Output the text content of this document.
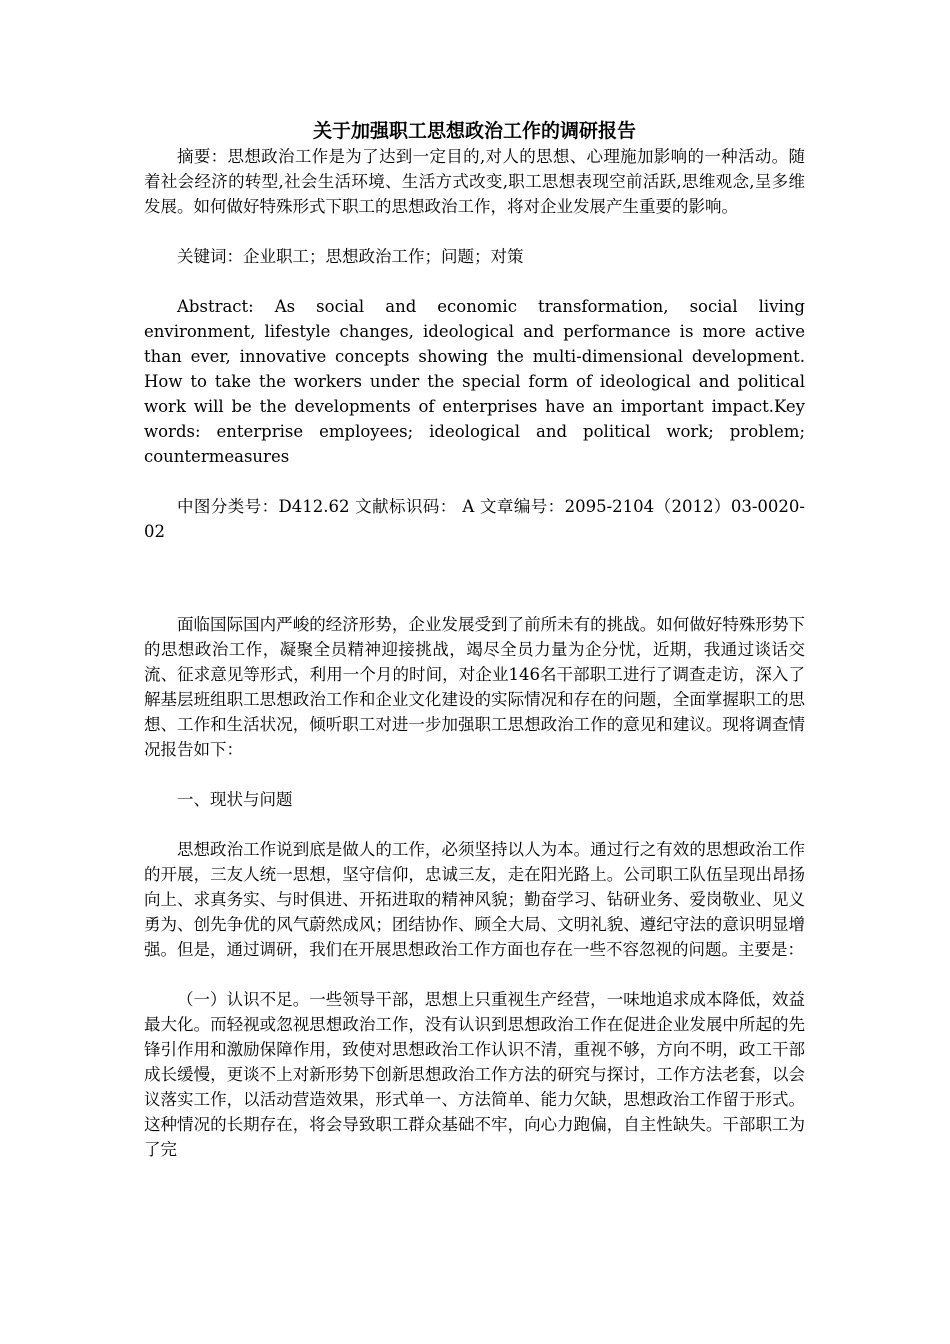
关于加强职工思想政治工作的调研报告

摘要：思想政治工作是为了达到一定目的,对人的思想、心理施加影响的一种活动。随着社会经济的转型,社会生活环境、生活方式改变,职工思想表现空前活跃,思维观念,呈多维发展。如何做好特殊形式下职工的思想政治工作，将对企业发展产生重要的影响。

关键词：企业职工；思想政治工作；问题；对策

Abstract: As social and economic transformation, social living environment, lifestyle changes, ideological and performance is more active than ever, innovative concepts showing the multi-dimensional development. How to take the workers under the special form of ideological and political work will be the developments of enterprises have an important impact.Key words: enterprise employees; ideological and political work; problem; countermeasures

中图分类号：D412.62 文献标识码： A 文章编号：2095-2104（2012）03-0020-02

面临国际国内严峻的经济形势，企业发展受到了前所未有的挑战。如何做好特殊形势下的思想政治工作，凝聚全员精神迎接挑战，竭尽全员力量为企分忧，近期，我通过谈话交流、征求意见等形式，利用一个月的时间，对企业146名干部职工进行了调查走访，深入了解基层班组职工思想政治工作和企业文化建设的实际情况和存在的问题，全面掌握职工的思想、工作和生活状况，倾听职工对进一步加强职工思想政治工作的意见和建议。现将调查情况报告如下：

一、现状与问题

思想政治工作说到底是做人的工作，必须坚持以人为本。通过行之有效的思想政治工作的开展，三友人统一思想，坚守信仰，忠诚三友，走在阳光路上。公司职工队伍呈现出昂扬向上、求真务实、与时俱进、开拓进取的精神风貌；勤奋学习、钻研业务、爱岗敬业、见义勇为、创先争优的风气蔚然成风；团结协作、顾全大局、文明礼貌、遵纪守法的意识明显增强。但是，通过调研，我们在开展思想政治工作方面也存在一些不容忽视的问题。主要是：

（一）认识不足。一些领导干部，思想上只重视生产经营，一味地追求成本降低，效益最大化。而轻视或忽视思想政治工作，没有认识到思想政治工作在促进企业发展中所起的先锋引作用和激励保障作用，致使对思想政治工作认识不清，重视不够，方向不明，政工干部成长缓慢，更谈不上对新形势下创新思想政治工作方法的研究与探讨，工作方法老套，以会议落实工作，以活动营造效果，形式单一、方法简单、能力欠缺，思想政治工作留于形式。这种情况的长期存在，将会导致职工群众基础不牢，向心力跑偏，自主性缺失。干部职工为了完
